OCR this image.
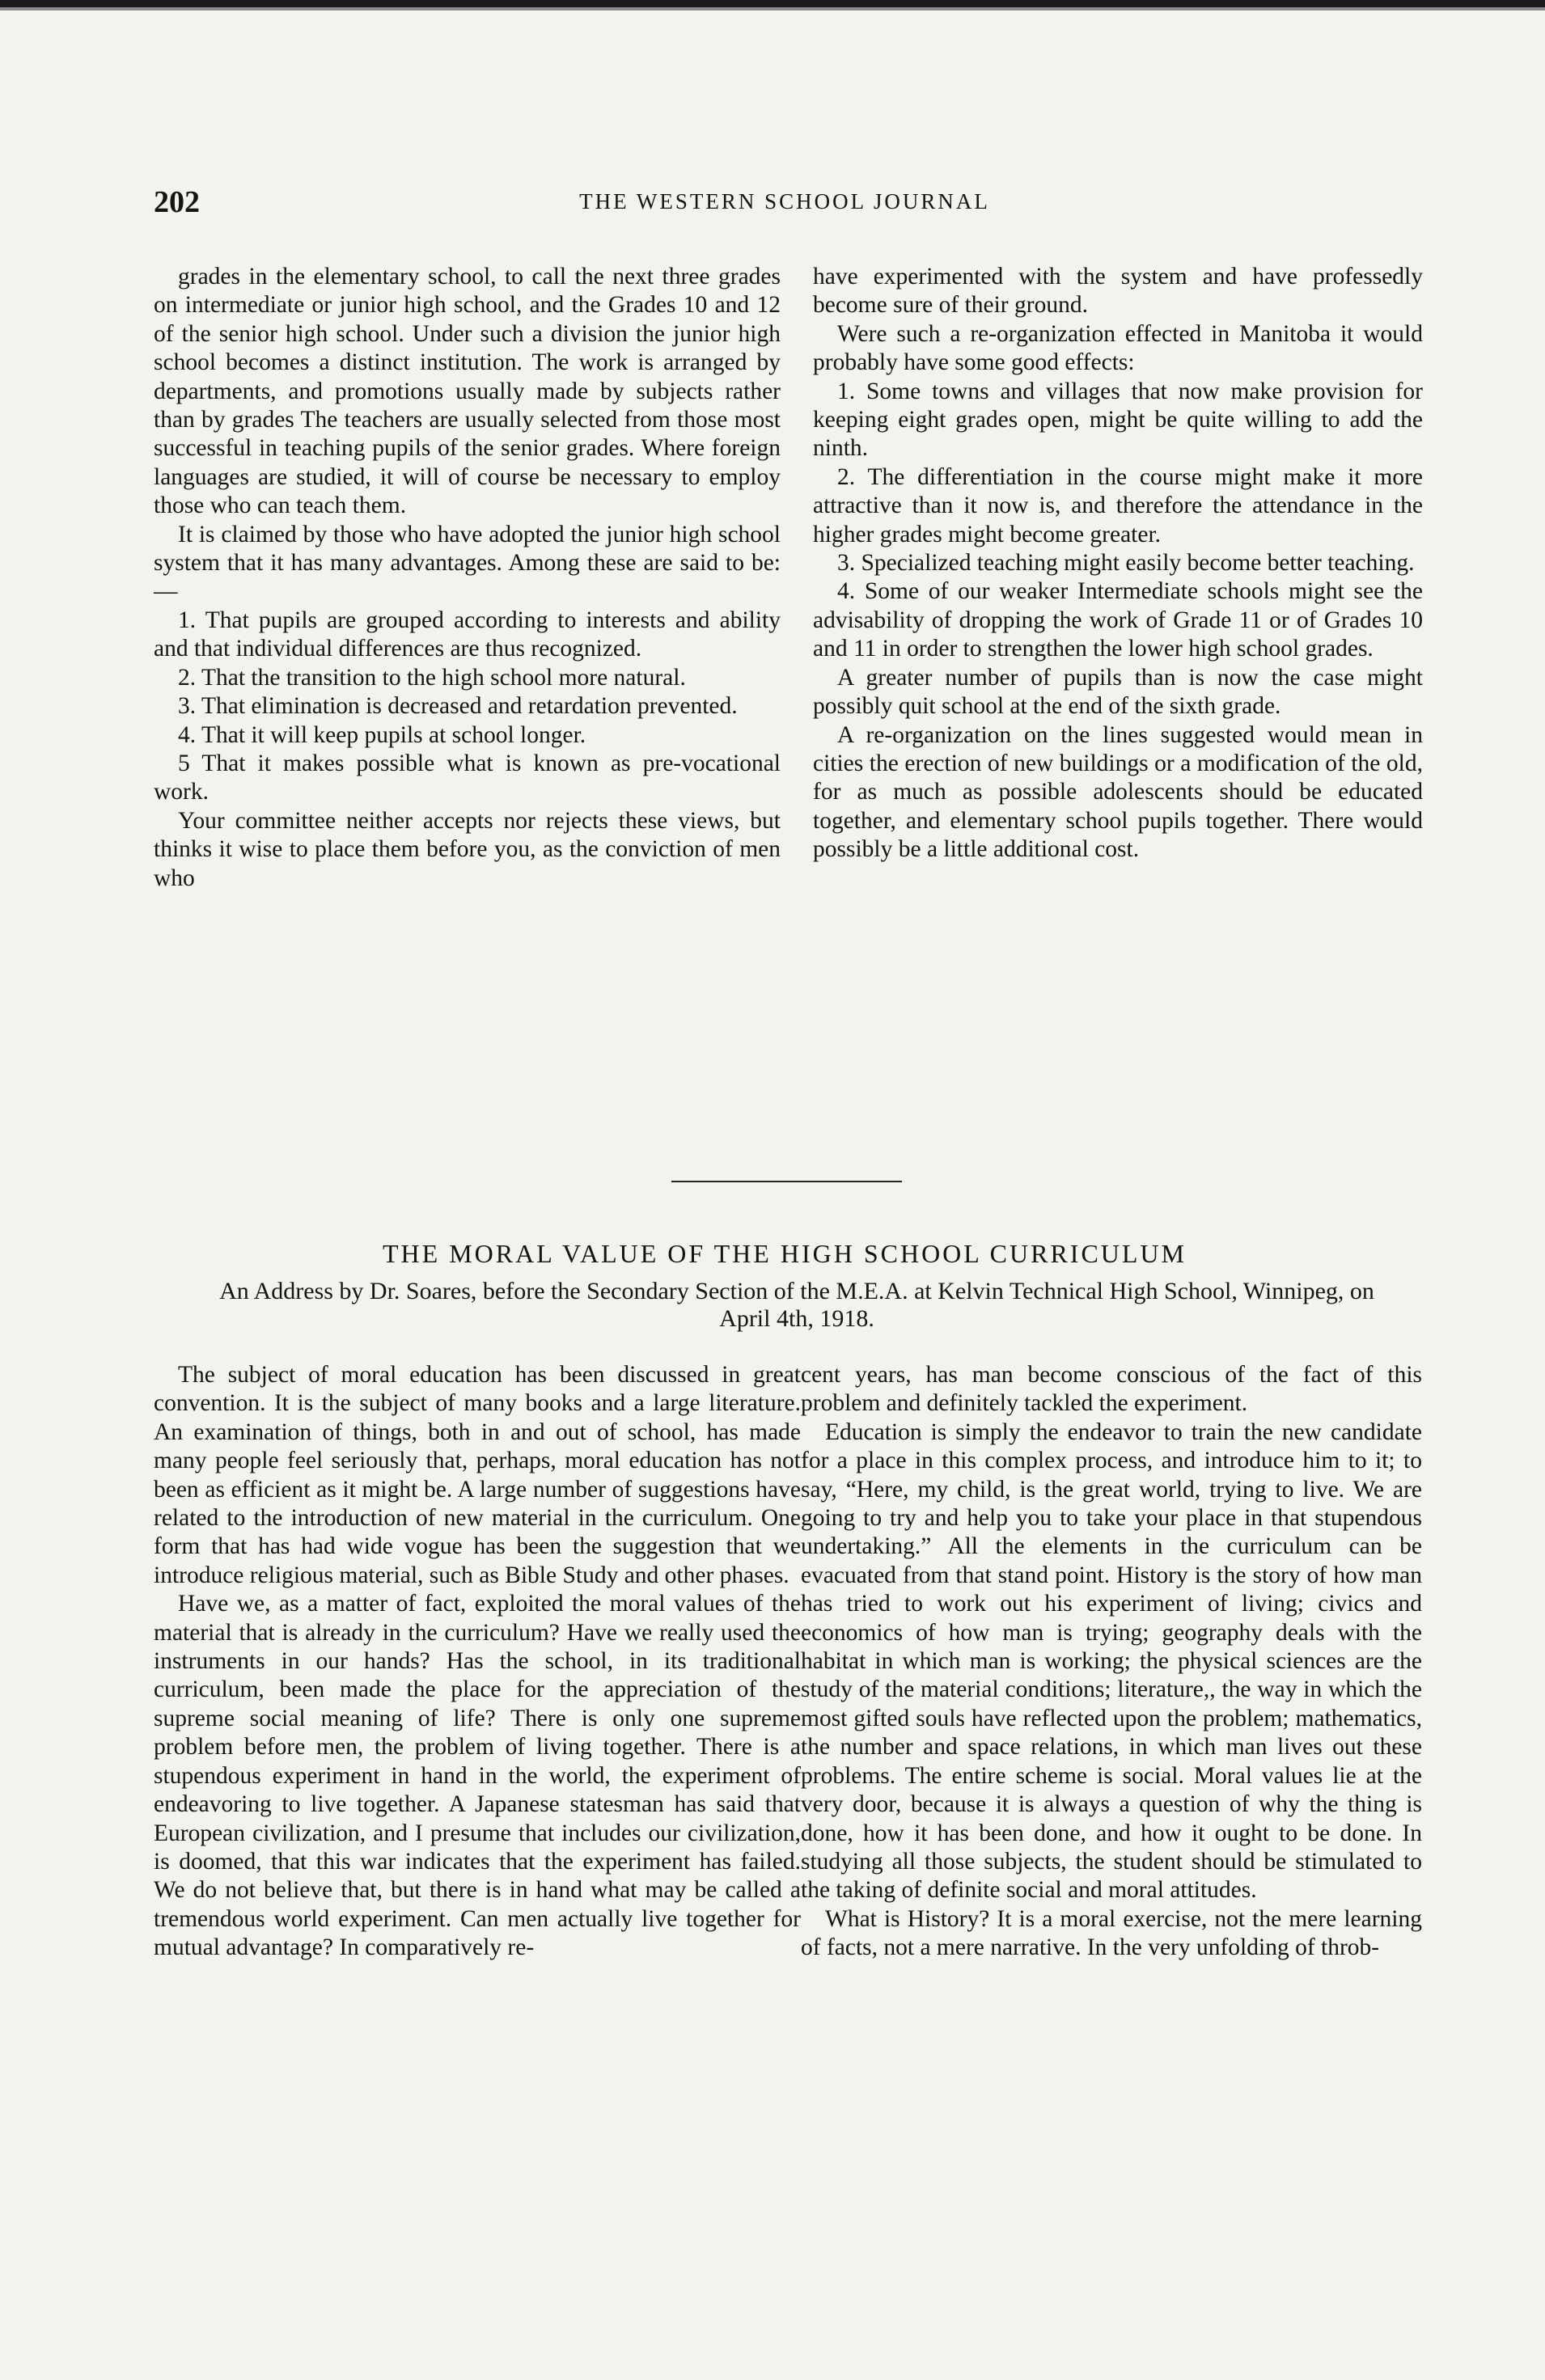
202	THE WESTERN SCHOOL JOURNAL

grades in the elementary school, to call the next three grades on intermediate or junior high school, and the Grades 10 and 12 of the senior high school. Under such a division the junior high school becomes a distinct institution. The work is arranged by departments, and promotions usually made by subjects rather than by grades The teachers are usually selected from those most successful in teaching pupils of the senior grades. Where foreign languages are studied, it will of course be necessary to employ those who can teach them.

It is claimed by those who have adopted the junior high school system that it has many advantages. Among these are said to be:—

1. That pupils are grouped according to interests and ability and that individual differences are thus recognized.

2. That the transition to the high school more natural.

3. That elimination is decreased and retardation prevented.

4. That it will keep pupils at school longer.

5 That it makes possible what is known as pre-vocational work.

Your committee neither accepts nor rejects these views, but thinks it wise to place them before you, as the conviction of men who

have experimented with the system and have professedly become sure of their ground.

Were such a re-organization effected in Manitoba it would probably have some good effects:

1. Some towns and villages that now make provision for keeping eight grades open, might be quite willing to add the ninth.

2. The differentiation in the course might make it more attractive than it now is, and therefore the attendance in the higher grades might become greater.

3. Specialized teaching might easily become better teaching.

4. Some of our weaker Intermediate schools might see the advisability of dropping the work of Grade 11 or of Grades 10 and 11 in order to strengthen the lower high school grades.

A greater number of pupils than is now the case might possibly quit school at the end of the sixth grade.

A re-organization on the lines suggested would mean in cities the erection of new buildings or a modification of the old, for as much as possible adolescents should be educated together, and elementary school pupils together. There would possibly be a little additional cost.

THE MORAL VALUE OF THE HIGH SCHOOL CURRICULUM
An Address by Dr. Soares, before the Secondary Section of the M.E.A. at Kelvin Technical High School, Winnipeg, on April 4th, 1918.

The subject of moral education has been discussed in great convention. It is the subject of many books and a large literature. An examination of things, both in and out of school, has made many people feel seriously that, perhaps, moral education has not been as efficient as it might be. A large number of suggestions have related to the introduction of new material in the curriculum. One form that has had wide vogue has been the suggestion that we introduce religious material, such as Bible Study and other phases.

Have we, as a matter of fact, exploited the moral values of the material that is already in the curriculum? Have we really used the instruments in our hands? Has the school, in its traditional curriculum, been made the place for the appreciation of the supreme social meaning of life? There is only one supreme problem before men, the problem of living together. There is a stupendous experiment in hand in the world, the experiment of endeavoring to live together. A Japanese statesman has said that European civilization, and I presume that includes our civilization, is doomed, that this war indicates that the experiment has failed. We do not believe that, but there is in hand what may be called a tremendous world experiment. Can men actually live together for mutual advantage? In comparatively re-

cent years, has man become conscious of the fact of this problem and definitely tackled the experiment.

Education is simply the endeavor to train the new candidate for a place in this complex process, and introduce him to it; to say, “Here, my child, is the great world, trying to live. We are going to try and help you to take your place in that stupendous undertaking.” All the elements in the curriculum can be evacuated from that stand point. History is the story of how man has tried to work out his experiment of living; civics and economics of how man is trying; geography deals with the habitat in which man is working; the physical sciences are the study of the material conditions; literature,, the way in which the most gifted souls have reflected upon the problem; mathematics, the number and space relations, in which man lives out these problems. The entire scheme is social. Moral values lie at the very door, because it is always a question of why the thing is done, how it has been done, and how it ought to be done. In studying all those subjects, the student should be stimulated to the taking of definite social and moral attitudes.

What is History? It is a moral exercise, not the mere learning of facts, not a mere narrative. In the very unfolding of throb-
